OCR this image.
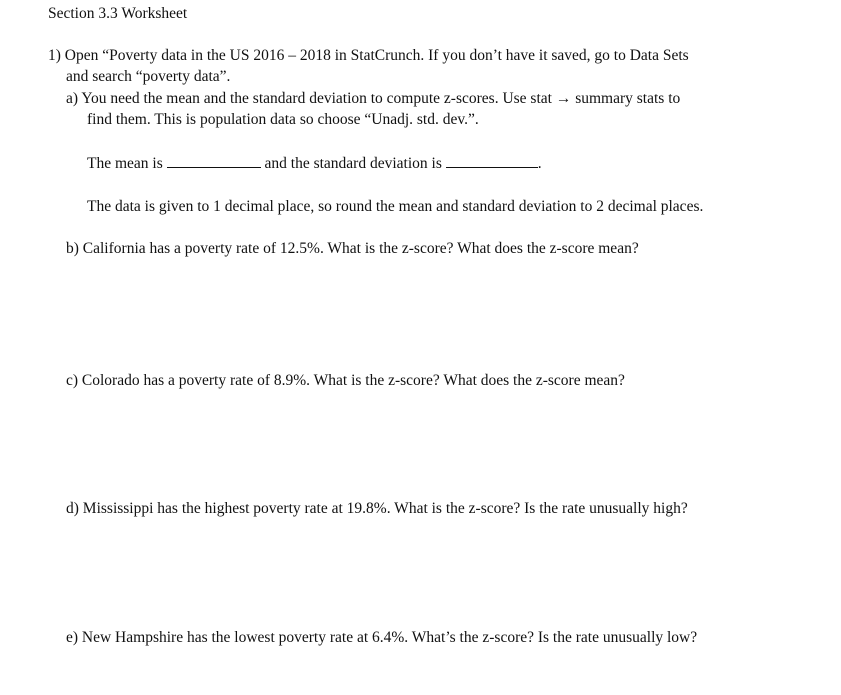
Section 3.3 Worksheet
1) Open “Poverty data in the US 2016 – 2018 in StatCrunch. If you don’t have it saved, go to Data Sets
and search “poverty data”.
a) You need the mean and the standard deviation to compute z-scores. Use stat → summary stats to
find them. This is population data so choose “Unadj. std. dev.”.
The mean is	and the standard deviation is	.
The data is given to 1 decimal place, so round the mean and standard deviation to 2 decimal places.
b) California has a poverty rate of 12.5%. What is the z-score? What does the z-score mean?
c) Colorado has a poverty rate of 8.9%. What is the z-score? What does the z-score mean?
d) Mississippi has the highest poverty rate at 19.8%. What is the z-score? Is the rate unusually high?
e) New Hampshire has the lowest poverty rate at 6.4%. What’s the z-score? Is the rate unusually low?
